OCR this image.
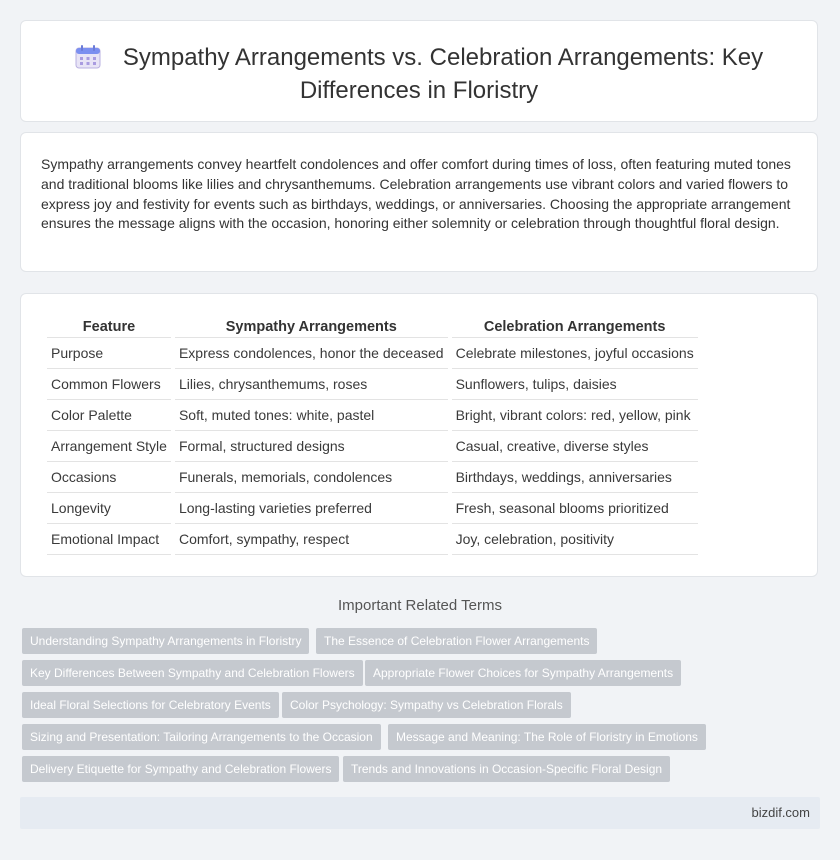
Sympathy Arrangements vs. Celebration Arrangements: Key
Differences in Floristry
Sympathy arrangements convey heartfelt condolences and offer comfort during times of loss, often featuring muted tones and traditional blooms like lilies and chrysanthemums. Celebration arrangements use vibrant colors and varied flowers to express joy and festivity for events such as birthdays, weddings, or anniversaries. Choosing the appropriate arrangement ensures the message aligns with the occasion, honoring either solemnity or celebration through thoughtful floral design.
Feature	Sympathy Arrangements	Celebration Arrangements
Purpose	Express condolences, honor the deceased	Celebrate milestones, joyful occasions
Common Flowers	Lilies, chrysanthemums, roses	Sunflowers, tulips, daisies
Color Palette	Soft, muted tones: white, pastel	Bright, vibrant colors: red, yellow, pink
Arrangement Style	Formal, structured designs	Casual, creative, diverse styles
Occasions	Funerals, memorials, condolences	Birthdays, weddings, anniversaries
Longevity	Long-lasting varieties preferred	Fresh, seasonal blooms prioritized
Emotional Impact	Comfort, sympathy, respect	Joy, celebration, positivity
Important Related Terms
Understanding Sympathy Arrangements in Floristry	The Essence of Celebration Flower Arrangements
Key Differences Between Sympathy and Celebration Flowers	Appropriate Flower Choices for Sympathy Arrangements
Ideal Floral Selections for Celebratory Events	Color Psychology: Sympathy vs Celebration Florals
Sizing and Presentation: Tailoring Arrangements to the Occasion	Message and Meaning: The Role of Floristry in Emotions
Delivery Etiquette for Sympathy and Celebration Flowers	Trends and Innovations in Occasion-Specific Floral Design
bizdif.com
